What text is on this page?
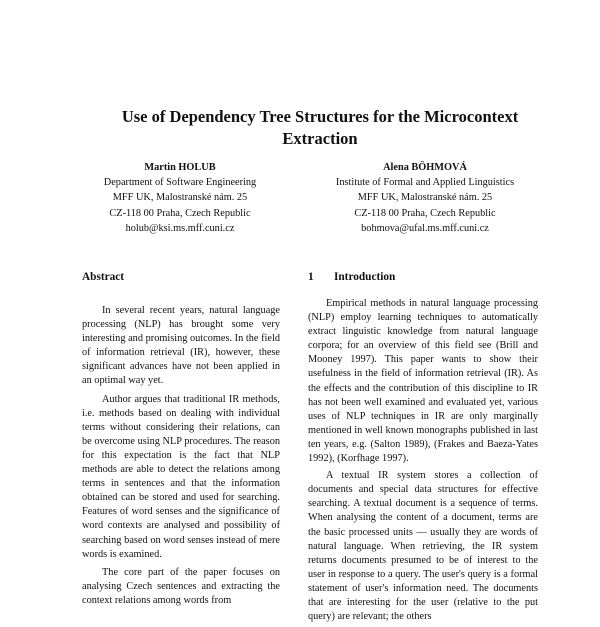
Use of Dependency Tree Structures for the Microcontext
Extraction
Martin HOLUB
Department of Software Engineering
MFF UK, Malostranské nám. 25
CZ-118 00 Praha, Czech Republic
holub@ksi.ms.mff.cuni.cz
Alena BÖHMOVÁ
Institute of Formal and Applied Linguistics
MFF UK, Malostranské nám. 25
CZ-118 00 Praha, Czech Republic
bohmova@ufal.ms.mff.cuni.cz
Abstract

In several recent years, natural language processing (NLP) has brought some very interesting and promising outcomes. In the field of information retrieval (IR), however, these significant advances have not been applied in an optimal way yet.

Author argues that traditional IR methods, i.e. methods based on dealing with individual terms without considering their relations, can be overcome using NLP procedures. The reason for this expectation is the fact that NLP methods are able to detect the relations among terms in sentences and that the information obtained can be stored and used for searching. Features of word senses and the significance of word contexts are analysed and possibility of searching based on word senses instead of mere words is examined.

The core part of the paper focuses on analysing Czech sentences and extracting the context relations among words from

1 Introduction

Empirical methods in natural language processing (NLP) employ learning techniques to automatically extract linguistic knowledge from natural language corpora; for an overview of this field see (Brill and Mooney 1997). This paper wants to show their usefulness in the field of information retrieval (IR). As the effects and the contribution of this discipline to IR has not been well examined and evaluated yet, various uses of NLP techniques in IR are only marginally mentioned in well known monographs published in last ten years, e.g. (Salton 1989), (Frakes and Baeza-Yates 1992), (Korfhage 1997).

A textual IR system stores a collection of documents and special data structures for effective searching. A textual document is a sequence of terms. When analysing the content of a document, terms are the basic processed units — usually they are words of natural language. When retrieving, the IR system returns documents presumed to be of interest to the user in response to a query. The user's query is a formal statement of user's information need. The documents that are interesting for the user (relative to the put query) are relevant; the others
